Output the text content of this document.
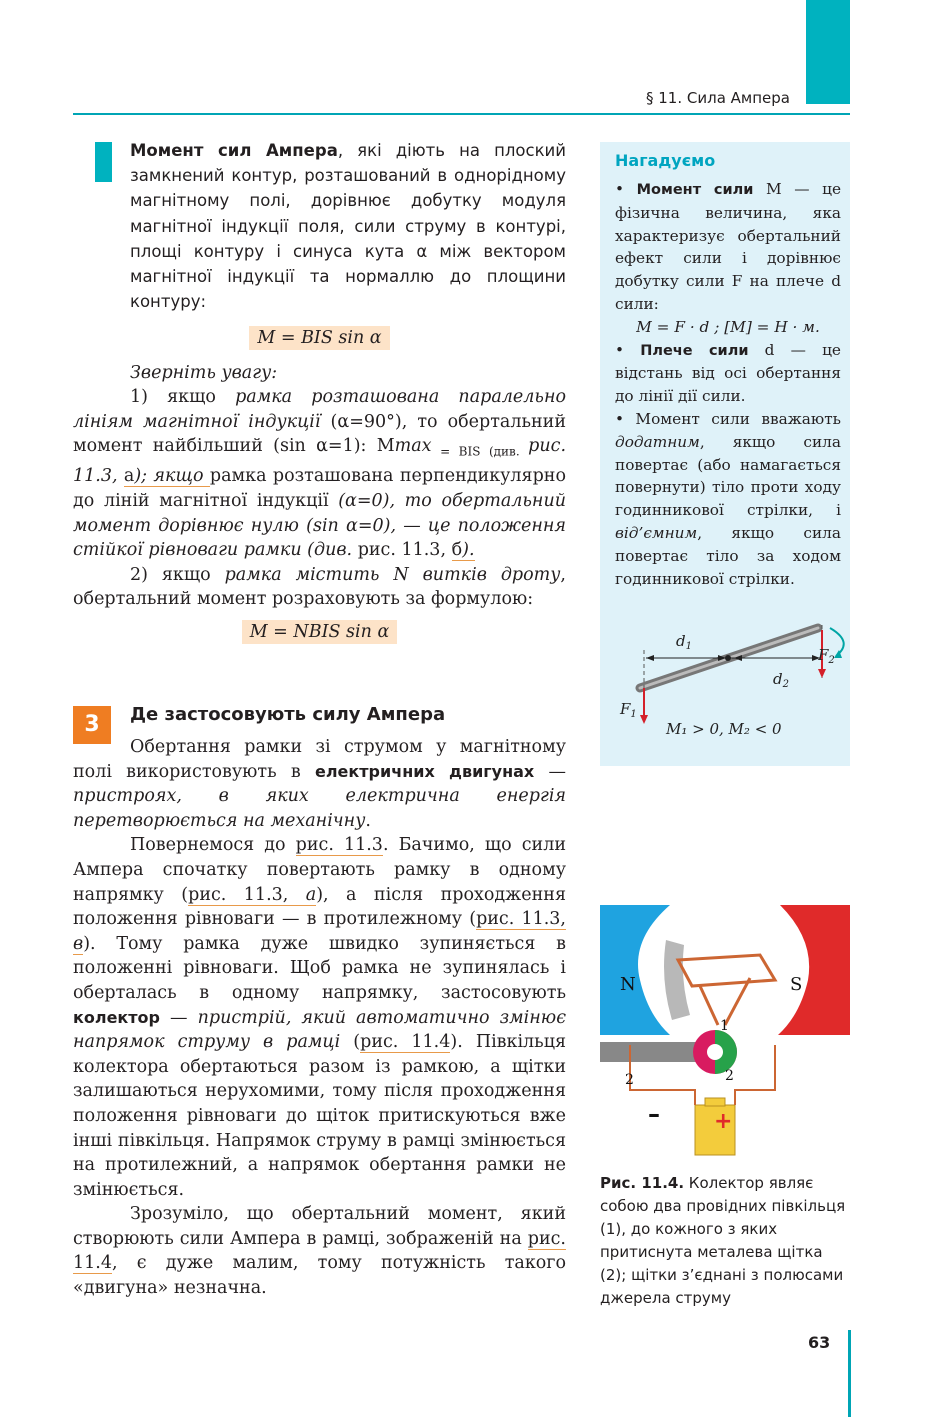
§ 11. Сила Ампера
Момент сил Ампера, які діють на плоский замкнений контур, розташований в однорідному магнітному полі, дорівнює добутку модуля магнітної індукції поля, сили струму в контурі, площі контуру і синуса кута α між вектором магнітної індукції та нормаллю до площини контуру:
M = BIS sin α

Зверніть увагу:

1) якщо рамка розташована паралельно лініям магнітної індукції (α=90°), то обертальний момент найбільший (sin α=1): Mmax $_{= BIS (див.}$ рис. 11.3, а); якщо рамка розташована перпендикулярно до ліній магнітної індукції (α=0), то обертальний момент дорівнює нулю (sin α=0), — це положення стійкої рівноваги рамки (див. рис. 11.3, б).

2) якщо рамка містить N витків дроту, обертальний момент розраховують за формулою:

M = NBIS sin α
3	Де застосовують силу Ампера

Обертання рамки зі струмом у магнітному полі використовують в електричних двигунах — пристроях, в яких електрична енергія перетворюється на механічну.

Повернемося до рис. 11.3. Бачимо, що сили Ампера спочатку повертають рамку в одному напрямку (рис. 11.3, а), а після проходження положення рівноваги — в протилежному (рис. 11.3, в). Тому рамка дуже швидко зупиняється в положенні рівноваги. Щоб рамка не зупинялась і оберталась в одному напрямку, застосовують колектор — пристрій, який автоматично змінює напрямок струму в рамці (рис. 11.4). Півкільця колектора обертаються разом із рамкою, а щітки залишаються нерухомими, тому після проходження положення рівноваги до щіток притискуються вже інші півкільця. Напрямок струму в рамці змінюється на протилежний, а напрямок обертання рамки не змінюється.

Зрозуміло, що обертальний момент, який створюють сили Ампера в рамці, зображеній на рис. 11.4, є дуже малим, тому потужність такого «двигуна» незначна.

Нагадуємо

• Момент сили M — це фізична величина, яка характеризує обертальний ефект сили і дорівнює добутку сили F на плече d сили:

M = F · d ; [M] = Н · м.

• Плече сили d — це відстань від осі обертання до лінії дії сили.

• Момент сили вважають додатним, якщо сила повертає (або намагається повернути) тіло проти ходу годинникової стрілки, і від’ємним, якщо сила повертає тіло за ходом годинникової стрілки.

$d_1$
$d_2$
$F_1$
$F_2$
M₁ > 0, M₂ < 0
N	S
1
2	2
– +
Рис. 11.4. Колектор являє собою два провідних півкільця (1), до кожного з яких притиснута металева щітка (2); щітки з’єднані з полюсами джерела струму
63
